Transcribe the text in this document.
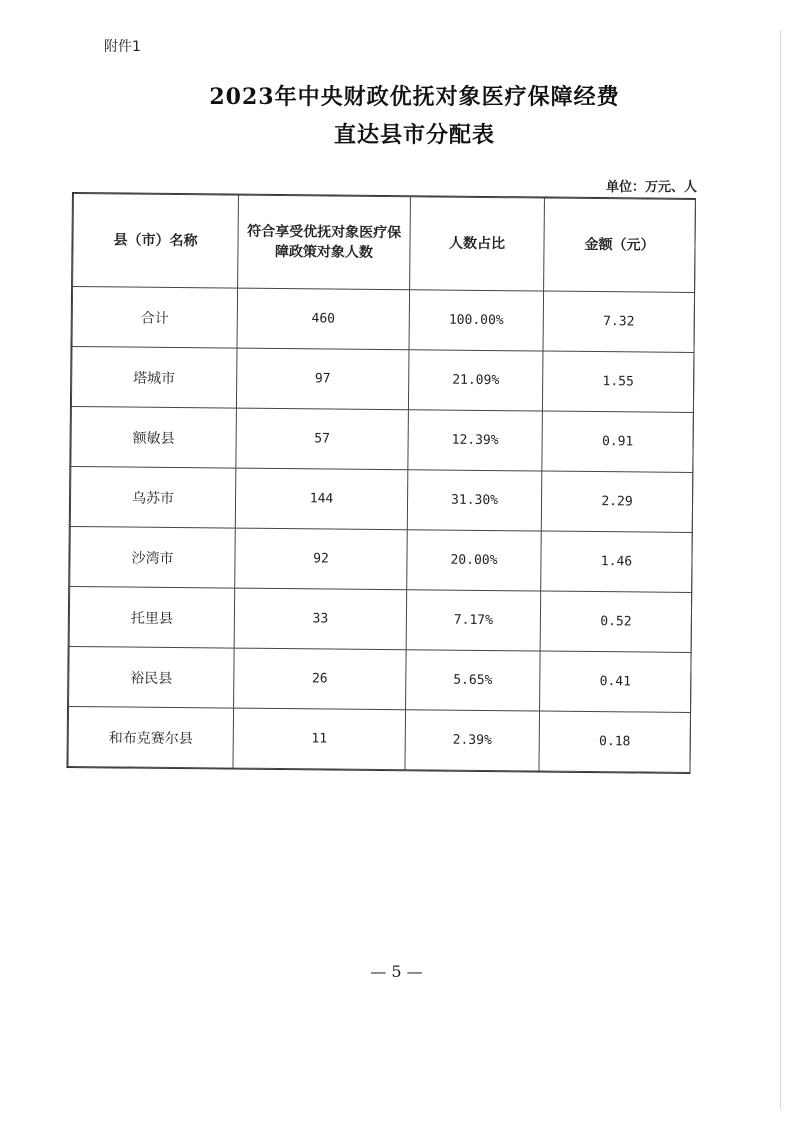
附件1
2023年中央财政优抚对象医疗保障经费
直达县市分配表
单位：万元、人
县（市）名称	符合享受优抚对象医疗保障政策对象人数	人数占比	金额（元）
合计	460	100.00%	7.32
塔城市	97	21.09%	1.55
额敏县	57	12.39%	0.91
乌苏市	144	31.30%	2.29
沙湾市	92	20.00%	1.46
托里县	33	7.17%	0.52
裕民县	26	5.65%	0.41
和布克赛尔县	11	2.39%	0.18
— 5 —
